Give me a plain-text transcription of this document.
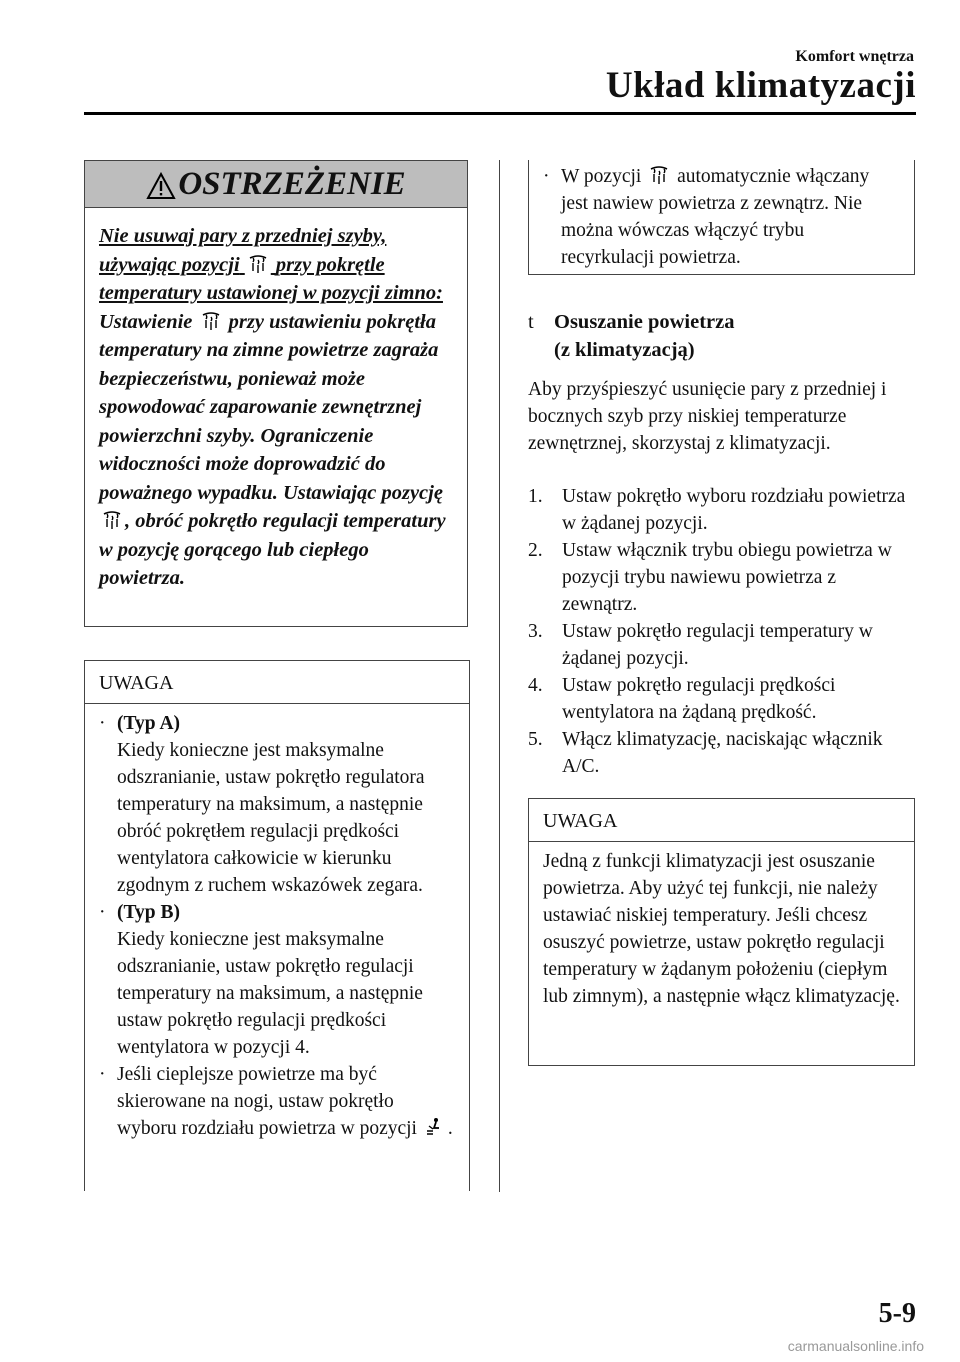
Komfort wnętrza
Układ klimatyzacji
OSTRZEŻENIE
Nie usuwaj pary z przedniej szyby, używając pozycji przy pokrętle temperatury ustawionej w pozycji zimno:
Ustawienie przy ustawieniu pokrętła temperatury na zimne powietrze zagraża bezpieczeństwu, ponieważ może spowodować zaparowanie zewnętrznej powierzchni szyby. Ograniczenie widoczności może doprowadzić do poważnego wypadku. Ustawiając pozycję , obróć pokrętło regulacji temperatury w pozycję gorącego lub ciepłego powietrza.
UWAGA
· (Typ A)
Kiedy konieczne jest maksymalne odszranianie, ustaw pokrętło regulatora temperatury na maksimum, a następnie obróć pokrętłem regulacji prędkości wentylatora całkowicie w kierunku zgodnym z ruchem wskazówek zegara.
· (Typ B)
Kiedy konieczne jest maksymalne odszranianie, ustaw pokrętło regulacji temperatury na maksimum, a następnie ustaw pokrętło regulacji prędkości wentylatora w pozycji 4.
· Jeśli cieplejsze powietrze ma być skierowane na nogi, ustaw pokrętło wyboru rozdziału powietrza w pozycji .
· W pozycji automatycznie włączany jest nawiew powietrza z zewnątrz. Nie można wówczas włączyć trybu recyrkulacji powietrza.
t Osuszanie powietrza
(z klimatyzacją)
Aby przyśpieszyć usunięcie pary z przedniej i bocznych szyb przy niskiej temperaturze zewnętrznej, skorzystaj z klimatyzacji.
1. Ustaw pokrętło wyboru rozdziału powietrza w żądanej pozycji.
2. Ustaw włącznik trybu obiegu powietrza w pozycji trybu nawiewu powietrza z zewnątrz.
3. Ustaw pokrętło regulacji temperatury w żądanej pozycji.
4. Ustaw pokrętło regulacji prędkości wentylatora na żądaną prędkość.
5. Włącz klimatyzację, naciskając włącznik A/C.
UWAGA
Jedną z funkcji klimatyzacji jest osuszanie powietrza. Aby użyć tej funkcji, nie należy ustawiać niskiej temperatury. Jeśli chcesz osuszyć powietrze, ustaw pokrętło regulacji temperatury w żądanym położeniu (ciepłym lub zimnym), a następnie włącz klimatyzację.
5-9
carmanualsonline.info
